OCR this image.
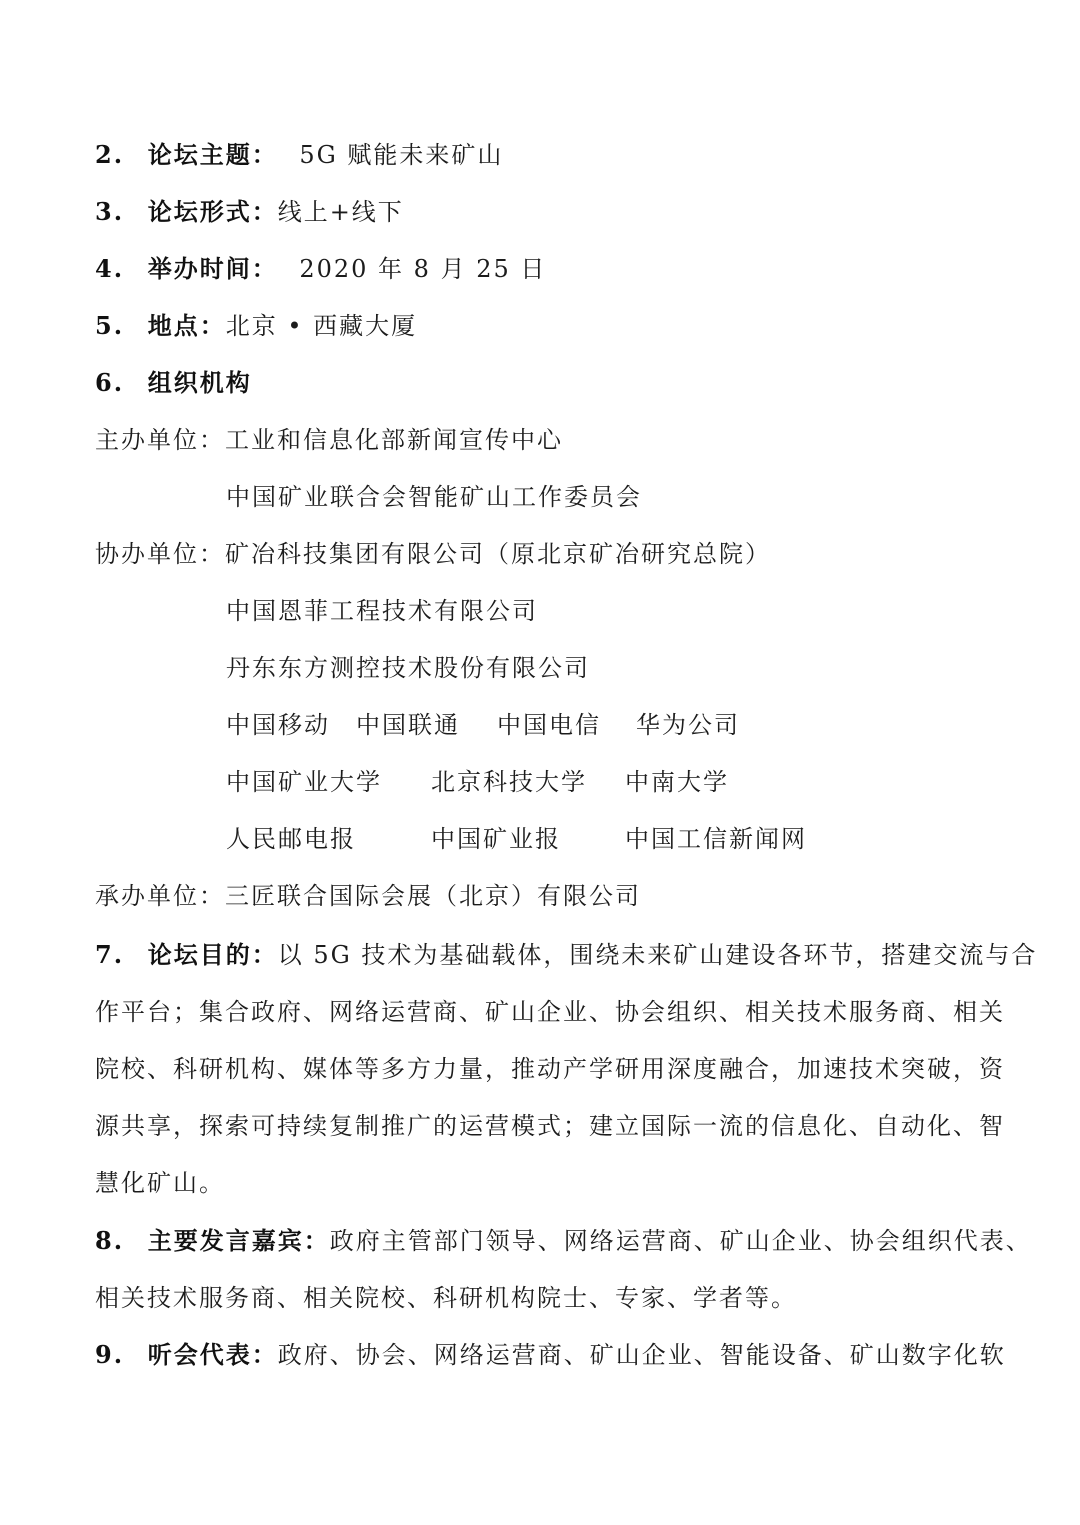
2. 论坛主题： 5G 赋能未来矿山
3. 论坛形式：线上+线下
4. 举办时间： 2020 年 8 月 25 日
5. 地点：北京 • 西藏大厦
6. 组织机构
主办单位：工业和信息化部新闻宣传中心
中国矿业联合会智能矿山工作委员会
协办单位：矿冶科技集团有限公司（原北京矿冶研究总院）
中国恩菲工程技术有限公司
丹东东方测控技术股份有限公司
中国移动 中国联通 中国电信 华为公司
中国矿业大学 北京科技大学 中南大学
人民邮电报	中国矿业报	中国工信新闻网
承办单位：三匠联合国际会展（北京）有限公司
7. 论坛目的：以 5G 技术为基础载体，围绕未来矿山建设各环节，搭建交流与合
作平台；集合政府、网络运营商、矿山企业、协会组织、相关技术服务商、相关
院校、科研机构、媒体等多方力量，推动产学研用深度融合，加速技术突破，资
源共享，探索可持续复制推广的运营模式；建立国际一流的信息化、自动化、智
慧化矿山。
8. 主要发言嘉宾：政府主管部门领导、网络运营商、矿山企业、协会组织代表、
相关技术服务商、相关院校、科研机构院士、专家、学者等。
9. 听会代表：政府、协会、网络运营商、矿山企业、智能设备、矿山数字化软
